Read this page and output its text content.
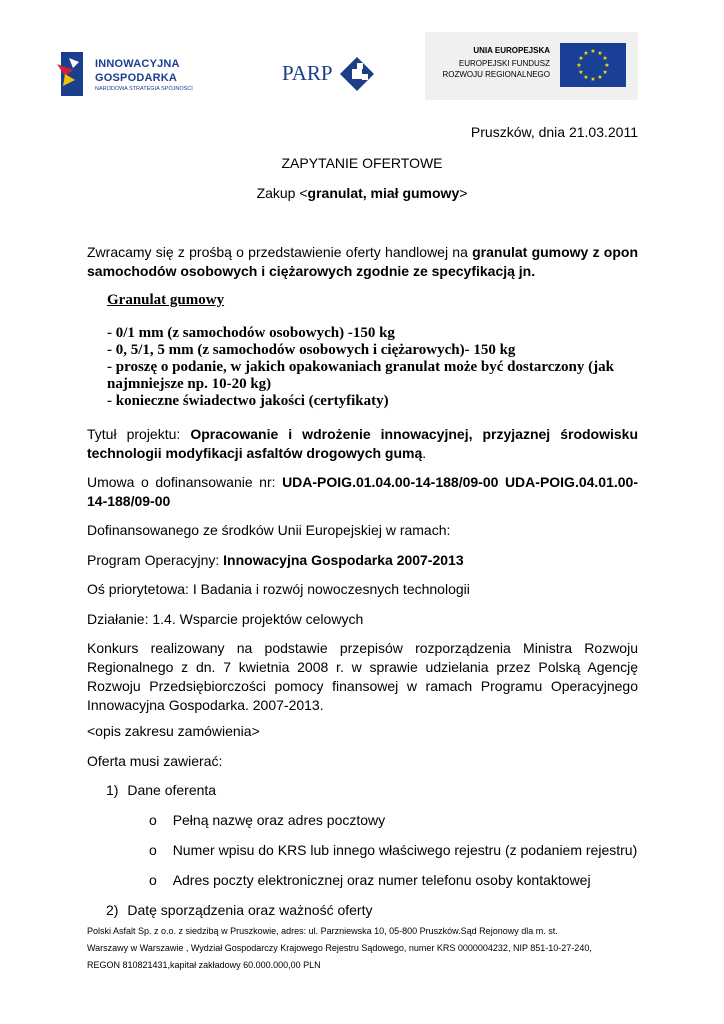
INNOWACYJNA
GOSPODARKA
NARODOWA STRATEGIA SPÓJNOŚCI
PARP
UNIA EUROPEJSKA
EUROPEJSKI FUNDUSZ
ROZWOJU REGIONALNEGO
★ ★
★
★
★
★
★
★
★
★
★
★
Pruszków, dnia 21.03.2011
ZAPYTANIE OFERTOWE
Zakup <granulat, miał gumowy>
Zwracamy się z prośbą o przedstawienie oferty handlowej na granulat gumowy z opon samochodów osobowych i ciężarowych zgodnie ze specyfikacją jn.
Granulat gumowy
- 0/1 mm (z samochodów osobowych) -150 kg
- 0, 5/1, 5 mm (z samochodów osobowych i ciężarowych)- 150 kg
- proszę o podanie, w jakich opakowaniach granulat może być dostarczony (jak najmniejsze np. 10-20 kg)
- konieczne świadectwo jakości (certyfikaty)
Tytuł projektu: Opracowanie i wdrożenie innowacyjnej, przyjaznej środowisku technologii modyfikacji asfaltów drogowych gumą.
Umowa o dofinansowanie nr: UDA-POIG.01.04.00-14-188/09-00 UDA-POIG.04.01.00-14-188/09-00
Dofinansowanego ze środków Unii Europejskiej w ramach:
Program Operacyjny: Innowacyjna Gospodarka 2007-2013
Oś priorytetowa: I Badania i rozwój nowoczesnych technologii
Działanie: 1.4. Wsparcie projektów celowych
Konkurs realizowany na podstawie przepisów rozporządzenia Ministra Rozwoju Regionalnego z dn. 7 kwietnia 2008 r. w sprawie udzielania przez Polską Agencję Rozwoju Przedsiębiorczości pomocy finansowej w ramach Programu Operacyjnego Innowacyjna Gospodarka. 2007-2013.
<opis zakresu zamówienia>
Oferta musi zawierać:
1) Dane oferenta
o Pełną nazwę oraz adres pocztowy
o Numer wpisu do KRS lub innego właściwego rejestru (z podaniem rejestru)
o Adres poczty elektronicznej oraz numer telefonu osoby kontaktowej
2) Datę sporządzenia oraz ważność oferty
Polski Asfalt Sp. z o.o. z siedzibą w Pruszkowie, adres: ul. Parzniewska 10, 05-800 Pruszków.Sąd Rejonowy dla m. st.
Warszawy w Warszawie , Wydział Gospodarczy Krajowego Rejestru Sądowego, numer KRS 0000004232, NIP 851-10-27-240,
REGON 810821431,kapitał zakładowy 60.000.000,00 PLN
